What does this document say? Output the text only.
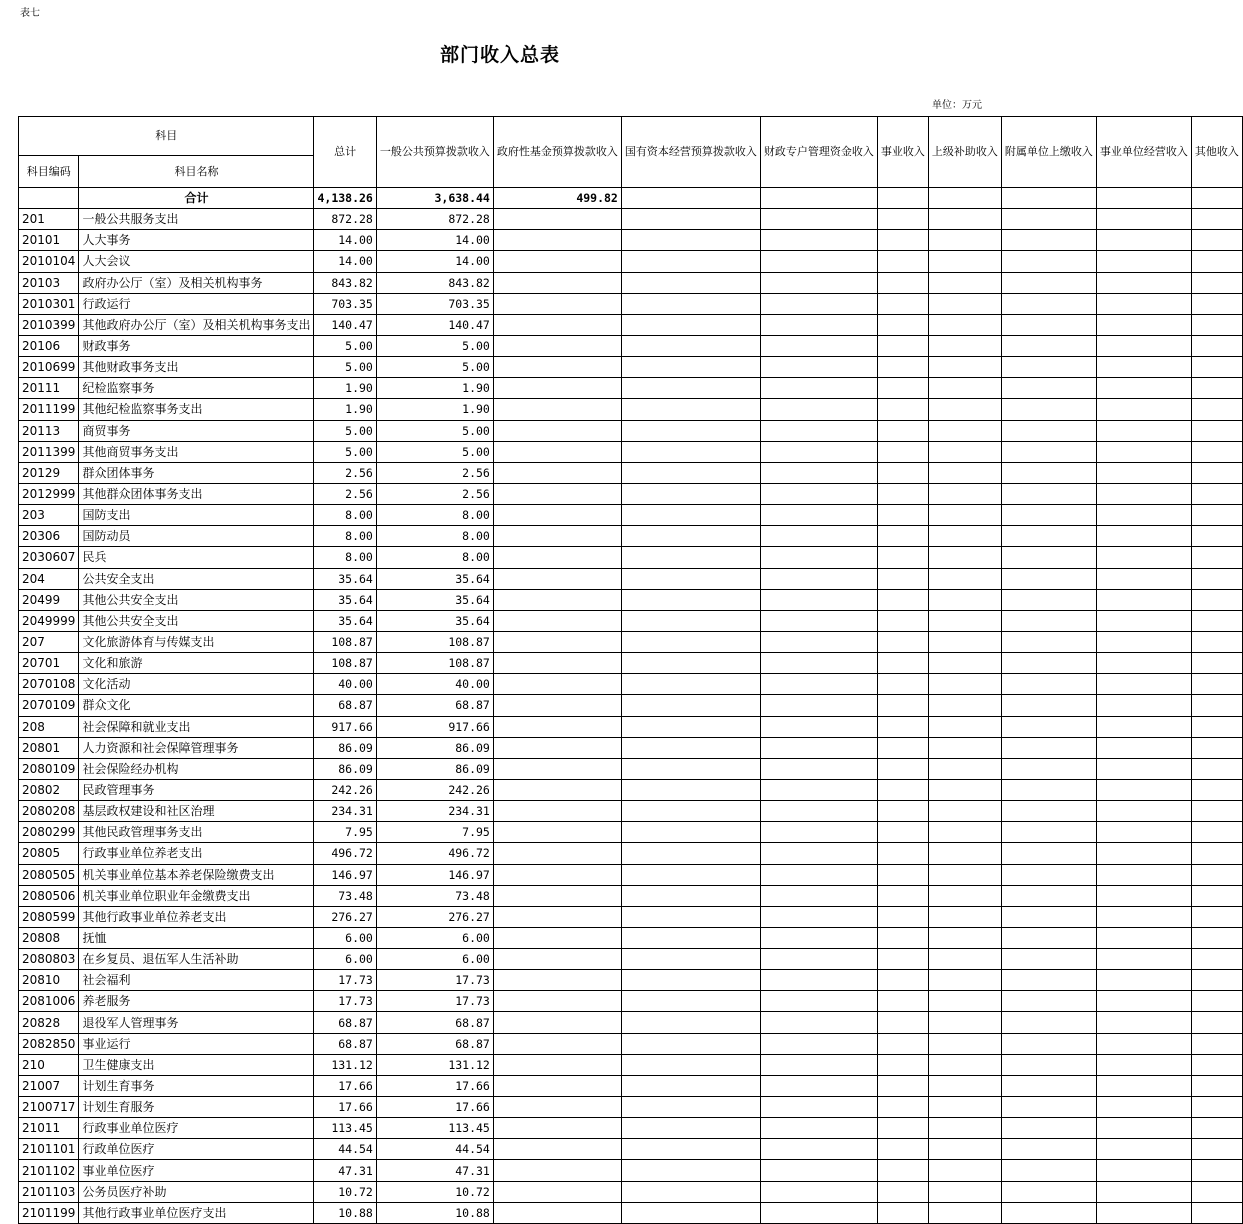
表七
部门收入总表
单位：万元
科目		总计	一般公共预算拨款收入	政府性基金预算拨款收入	国有资本经营预算拨款收入	财政专户管理资金收入	事业收入	上级补助收入	附属单位上缴收入	事业单位经营收入	其他收入
科目编码	科目名称										
	合计	4,138.26	3,638.44	499.82							
201	一般公共服务支出	872.28	872.28								
20101	人大事务	14.00	14.00								
2010104	人大会议	14.00	14.00								
20103	政府办公厅（室）及相关机构事务	843.82	843.82								
2010301	行政运行	703.35	703.35								
2010399	其他政府办公厅（室）及相关机构事务支出	140.47	140.47								
20106	财政事务	5.00	5.00								
2010699	其他财政事务支出	5.00	5.00								
20111	纪检监察事务	1.90	1.90								
2011199	其他纪检监察事务支出	1.90	1.90								
20113	商贸事务	5.00	5.00								
2011399	其他商贸事务支出	5.00	5.00								
20129	群众团体事务	2.56	2.56								
2012999	其他群众团体事务支出	2.56	2.56								
203	国防支出	8.00	8.00								
20306	国防动员	8.00	8.00								
2030607	民兵	8.00	8.00								
204	公共安全支出	35.64	35.64								
20499	其他公共安全支出	35.64	35.64								
2049999	其他公共安全支出	35.64	35.64								
207	文化旅游体育与传媒支出	108.87	108.87								
20701	文化和旅游	108.87	108.87								
2070108	文化活动	40.00	40.00								
2070109	群众文化	68.87	68.87								
208	社会保障和就业支出	917.66	917.66								
20801	人力资源和社会保障管理事务	86.09	86.09								
2080109	社会保险经办机构	86.09	86.09								
20802	民政管理事务	242.26	242.26								
2080208	基层政权建设和社区治理	234.31	234.31								
2080299	其他民政管理事务支出	7.95	7.95								
20805	行政事业单位养老支出	496.72	496.72								
2080505	机关事业单位基本养老保险缴费支出	146.97	146.97								
2080506	机关事业单位职业年金缴费支出	73.48	73.48								
2080599	其他行政事业单位养老支出	276.27	276.27								
20808	抚恤	6.00	6.00								
2080803	在乡复员、退伍军人生活补助	6.00	6.00								
20810	社会福利	17.73	17.73								
2081006	养老服务	17.73	17.73								
20828	退役军人管理事务	68.87	68.87								
2082850	事业运行	68.87	68.87								
210	卫生健康支出	131.12	131.12								
21007	计划生育事务	17.66	17.66								
2100717	计划生育服务	17.66	17.66								
21011	行政事业单位医疗	113.45	113.45								
2101101	行政单位医疗	44.54	44.54								
2101102	事业单位医疗	47.31	47.31								
2101103	公务员医疗补助	10.72	10.72								
2101199	其他行政事业单位医疗支出	10.88	10.88								
